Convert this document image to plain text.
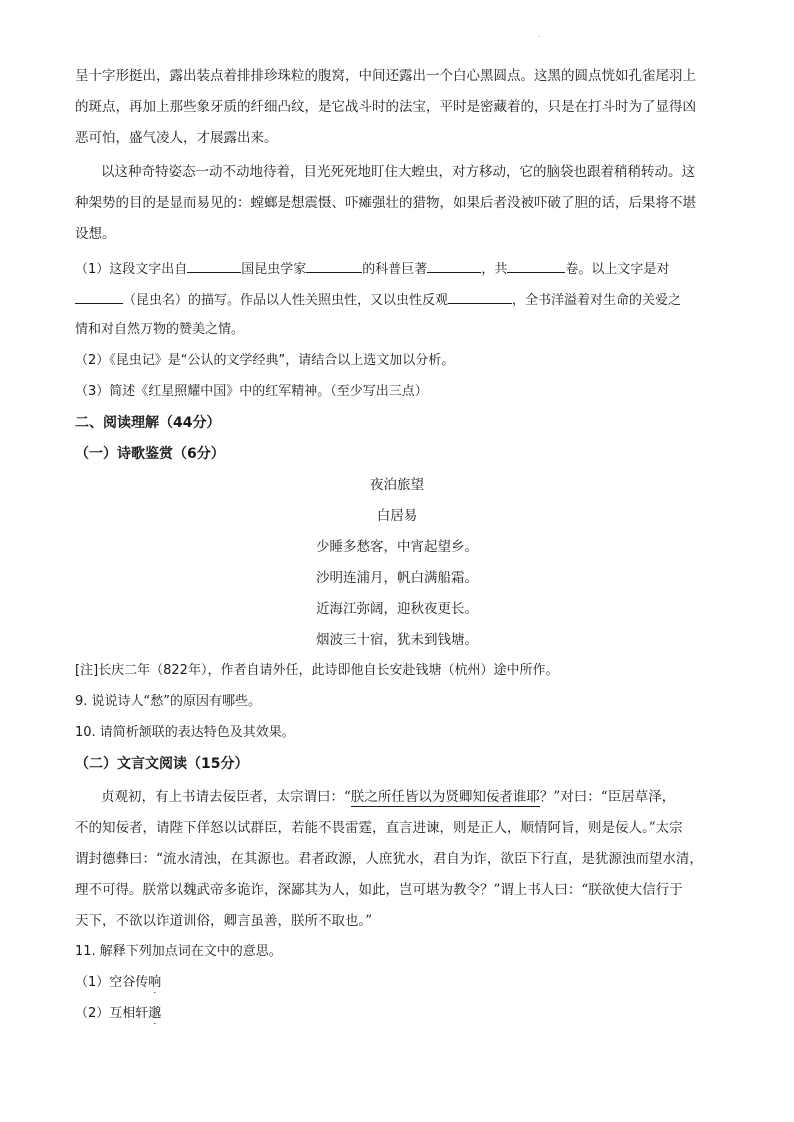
.
呈十字形挺出，露出装点着排排珍珠粒的腹窝，中间还露出一个白心黑圆点。这黑的圆点恍如孔雀尾羽上
的斑点，再加上那些象牙质的纤细凸纹，是它战斗时的法宝，平时是密藏着的，只是在打斗时为了显得凶
恶可怕，盛气凌人，才展露出来。
以这种奇特姿态一动不动地待着，目光死死地盯住大蝗虫，对方移动，它的脑袋也跟着稍稍转动。这
种架势的目的是显而易见的：螳螂是想震慑、吓瘫强壮的猎物，如果后者没被吓破了胆的话，后果将不堪
设想。
（1）这段文字出自	国昆虫学家	的科普巨著	，共	卷。以上文字是对
（昆虫名）的描写。作品以人性关照虫性，又以虫性反观	，全书洋溢着对生命的关爱之
情和对自然万物的赞美之情。
（2）《昆虫记》是“公认的文学经典”，请结合以上选文加以分析。
（3）简述《红星照耀中国》中的红军精神。（至少写出三点）
二、阅读理解（44分）
（一）诗歌鉴赏（6分）
夜泊旅望
白居易
少睡多愁客，中宵起望乡。
沙明连浦月，帆白满船霜。
近海江弥阔，迎秋夜更长。
烟波三十宿，犹未到钱塘。
[注]长庆二年（822年），作者自请外任，此诗即他自长安赴钱塘（杭州）途中所作。
9. 说说诗人“愁”的原因有哪些。
10. 请简析颔联的表达特色及其效果。
（二）文言文阅读（15分）
贞观初，有上书请去佞臣者，太宗谓曰：“朕之所任皆以为贤卿知佞者谁耶？”对曰：“臣居草泽，
不的知佞者，请陛下佯怒以试群臣，若能不畏雷霆，直言进谏，则是正人，顺情阿旨，则是佞人。”太宗
谓封德彝曰：“流水清浊，在其源也。君者政源，人庶犹水，君自为诈，欲臣下行直，是犹源浊而望水清，
理不可得。朕常以魏武帝多诡诈，深鄙其为人，如此，岂可堪为教令？”谓上书人曰：“朕欲使大信行于
天下，不欲以诈道训俗，卿言虽善，朕所不取也。”
11. 解释下列加点词在文中的意思。
（1）空谷传响
（2）互相轩邈
